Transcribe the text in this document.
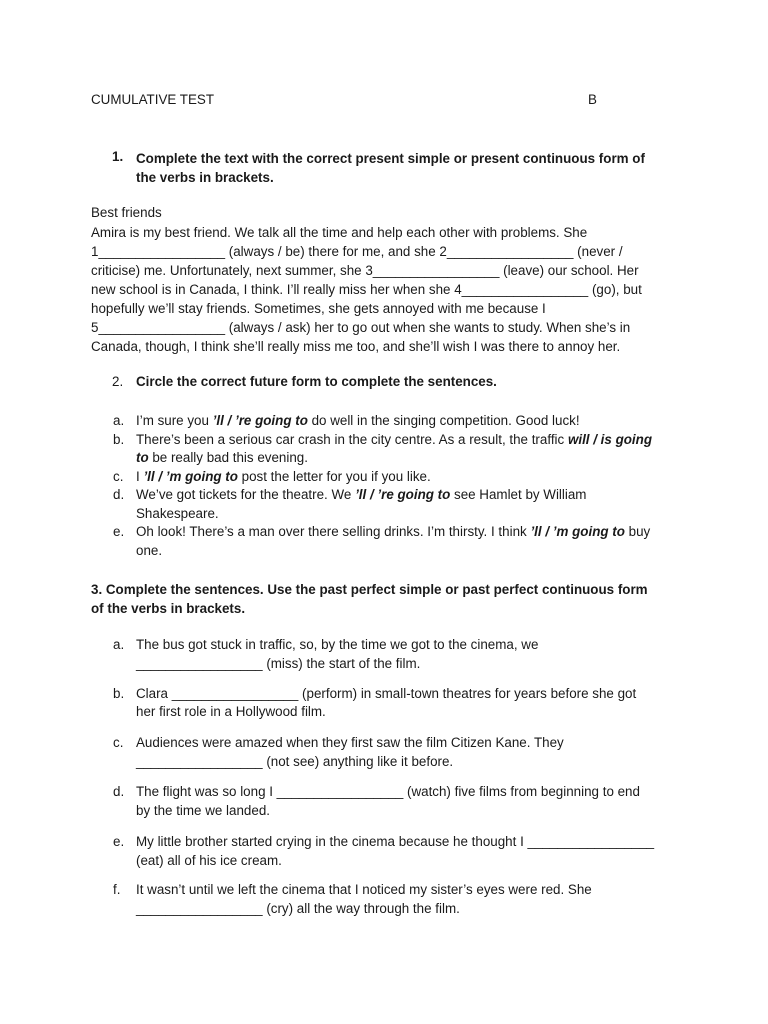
CUMULATIVE TEST	B
1. Complete the text with the correct present simple or present continuous form of
the verbs in brackets.
Best friends

Amira is my best friend. We talk all the time and help each other with problems. She

1_________________ (always / be) there for me, and she 2_________________ (never /

criticise) me. Unfortunately, next summer, she 3_________________ (leave) our school. Her

new school is in Canada, I think. I’ll really miss her when she 4_________________ (go), but

hopefully we’ll stay friends. Sometimes, she gets annoyed with me because I

5_________________ (always / ask) her to go out when she wants to study. When she’s in

Canada, though, I think she’ll really miss me too, and she’ll wish I was there to annoy her.

2. Circle the correct future form to complete the sentences.
a. I’m sure you ’ll / ’re going to do well in the singing competition. Good luck!
b. There’s been a serious car crash in the city centre. As a result, the traffic will / is going
to be really bad this evening.
c. I ’ll / ’m going to post the letter for you if you like.
d. We’ve got tickets for the theatre. We ’ll / ’re going to see Hamlet by William
Shakespeare.
e. Oh look! There’s a man over there selling drinks. I’m thirsty. I think ’ll / ’m going to buy
one.

3. Complete the sentences. Use the past perfect simple or past perfect continuous form

of the verbs in brackets.

a. The bus got stuck in traffic, so, by the time we got to the cinema, we
_________________ (miss) the start of the film.
b. Clara _________________ (perform) in small-town theatres for years before she got
her first role in a Hollywood film.
c. Audiences were amazed when they first saw the film Citizen Kane. They
_________________ (not see) anything like it before.
d. The flight was so long I _________________ (watch) five films from beginning to end
by the time we landed.
e. My little brother started crying in the cinema because he thought I _________________
(eat) all of his ice cream.
f. It wasn’t until we left the cinema that I noticed my sister’s eyes were red. She
_________________ (cry) all the way through the film.
